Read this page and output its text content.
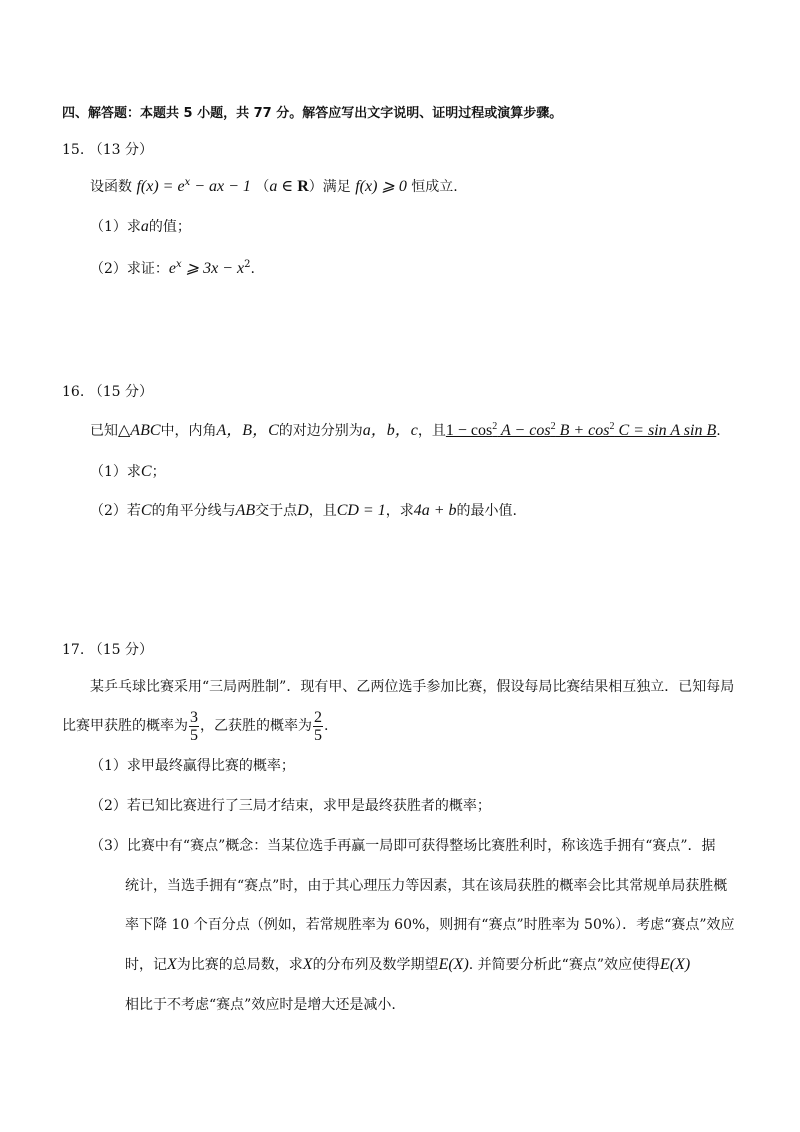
四、解答题：本题共 5 小题，共 77 分。解答应写出文字说明、证明过程或演算步骤。
15. （13 分）
设函数 $f(x) = e^x$ − ax − 1 （a ∈ R）满足 f(x) ⩾ 0 恒成立.
（1）求a的值；
（2）求证：$e^x$ ⩾ $3x - x^2$.
16. （15 分）
已知△ABC中，内角A，B，C的对边分别为a，b，c，且$1 - \cos^2 A - \cos^2 B + \cos^2 C = \sin A$ sin B.
（1）求C；
（2）若C的角平分线与AB交于点D，且CD = 1，求4a + b的最小值.
17. （15 分）
某乒乓球比赛采用“三局两胜制”．现有甲、乙两位选手参加比赛，假设每局比赛结果相互独立．已知每局
比赛甲获胜的概率为 $\frac{3}{5}$ ，乙获胜的概率为 $\frac{2}{5}$ .
（1）求甲最终赢得比赛的概率；
（2）若已知比赛进行了三局才结束，求甲是最终获胜者的概率；
（3）比赛中有“赛点”概念：当某位选手再赢一局即可获得整场比赛胜利时，称该选手拥有“赛点”．据
统计，当选手拥有“赛点”时，由于其心理压力等因素，其在该局获胜的概率会比其常规单局获胜概
率下降 10 个百分点（例如，若常规胜率为 60%，则拥有“赛点”时胜率为 50%）．考虑“赛点”效应
时，记X为比赛的总局数，求X的分布列及数学期望E(X). 并简要分析此“赛点”效应使得E(X)
相比于不考虑“赛点”效应时是增大还是减小.
